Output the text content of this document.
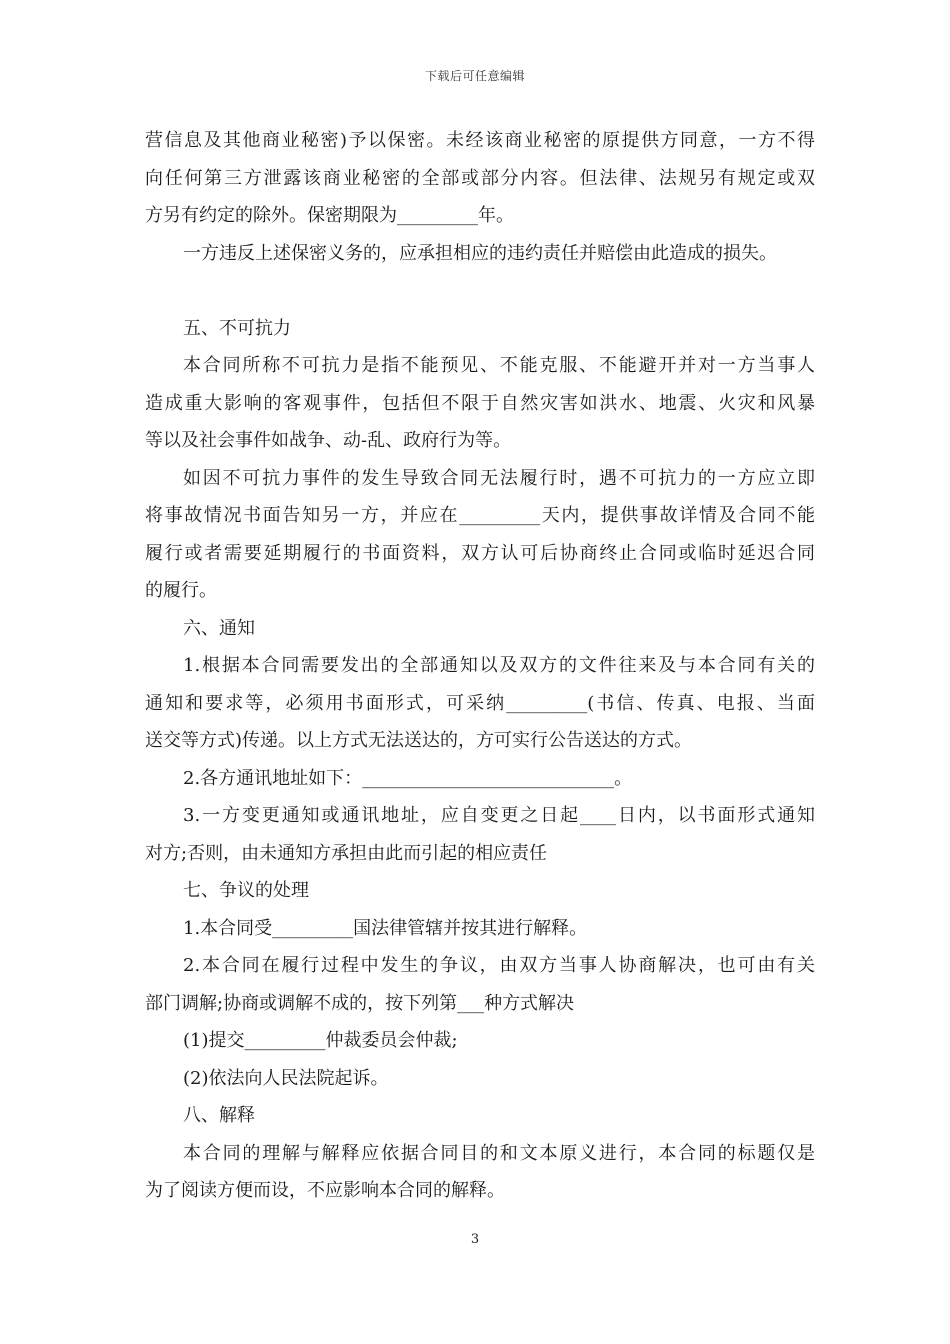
下载后可任意编辑
营信息及其他商业秘密)予以保密。未经该商业秘密的原提供方同意，一方不得
向任何第三方泄露该商业秘密的全部或部分内容。但法律、法规另有规定或双
方另有约定的除外。保密期限为_________年。
一方违反上述保密义务的，应承担相应的违约责任并赔偿由此造成的损失。
五、不可抗力
本合同所称不可抗力是指不能预见、不能克服、不能避开并对一方当事人
造成重大影响的客观事件，包括但不限于自然灾害如洪水、地震、火灾和风暴
等以及社会事件如战争、动-乱、政府行为等。
如因不可抗力事件的发生导致合同无法履行时，遇不可抗力的一方应立即
将事故情况书面告知另一方，并应在_________天内，提供事故详情及合同不能
履行或者需要延期履行的书面资料，双方认可后协商终止合同或临时延迟合同
的履行。
六、通知
1.根据本合同需要发出的全部通知以及双方的文件往来及与本合同有关的
通知和要求等，必须用书面形式，可采纳_________(书信、传真、电报、当面
送交等方式)传递。以上方式无法送达的，方可实行公告送达的方式。
2.各方通讯地址如下：____________________________。
3.一方变更通知或通讯地址，应自变更之日起____日内，以书面形式通知
对方;否则，由未通知方承担由此而引起的相应责任
七、争议的处理
1.本合同受_________国法律管辖并按其进行解释。
2.本合同在履行过程中发生的争议，由双方当事人协商解决，也可由有关
部门调解;协商或调解不成的，按下列第___种方式解决
(1)提交_________仲裁委员会仲裁;
(2)依法向人民法院起诉。
八、解释
本合同的理解与解释应依据合同目的和文本原义进行，本合同的标题仅是
为了阅读方便而设，不应影响本合同的解释。
3
